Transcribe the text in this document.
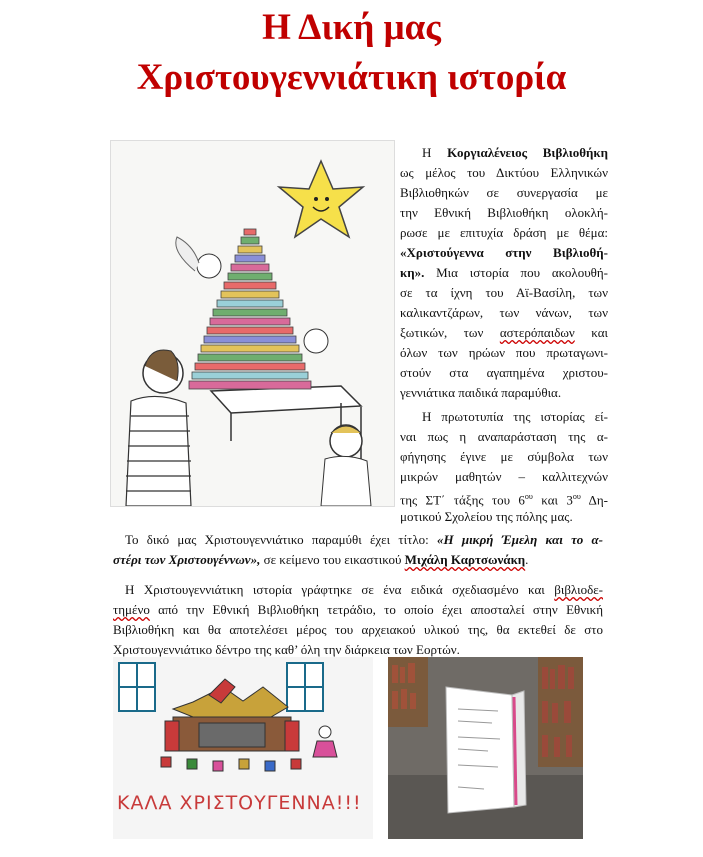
Η Δική μας
Χριστουγεννιάτικη ιστορία

Η Κοργιαλένειος Βιβλιοθήκη

ως μέλος του Δικτύου Ελληνικών

Βιβλιοθηκών σε συνεργασία με

την Εθνική Βιβλιοθήκη ολοκλή-

ρωσε με επιτυχία δράση με θέμα:

«Χριστούγεννα στην Βιβλιοθή-

κη». Μια ιστορία που ακολουθή-

σε τα ίχνη του Αϊ-Βασίλη, των

καλικαντζάρων, των νάνων, των

ξωτικών, των αστερόπαιδων και

όλων των ηρώων που πρωταγωνι-

στούν στα αγαπημένα χριστου-

γεννιάτικα παιδικά παραμύθια.

Η πρωτοτυπία της ιστορίας εί-

ναι πως η αναπαράσταση της α-

φήγησης έγινε με σύμβολα των

μικρών μαθητών – καλλιτεχνών

της ΣΤ΄ τάξης του $6^{o\upsilon}$ και $3^{o\upsilon}$ Δη-

μοτικού Σχολείου της πόλης μας.

Το δικό μας Χριστουγεννιάτικο παραμύθι έχει τίτλο: «Η μικρή Έμελη και το α-

στέρι των Χριστουγέννων», σε κείμενο του εικαστικού Μιχάλη Καρτσωνάκη.

Η Χριστουγεννιάτικη ιστορία γράφτηκε σε ένα ειδικά σχεδιασμένο και βιβλιοδε-

τημένο από την Εθνική Βιβλιοθήκη τετράδιο, το οποίο έχει αποσταλεί στην Εθνική

Βιβλιοθήκη και θα αποτελέσει μέρος του αρχειακού υλικού της, θα εκτεθεί δε στο

Χριστουγεννιάτικο δέντρο της καθ’ όλη την διάρκεια των Εορτών.

ΚΑΛΑ ΧΡΙΣΤΟΥΓΕΝΝΑ!!!
